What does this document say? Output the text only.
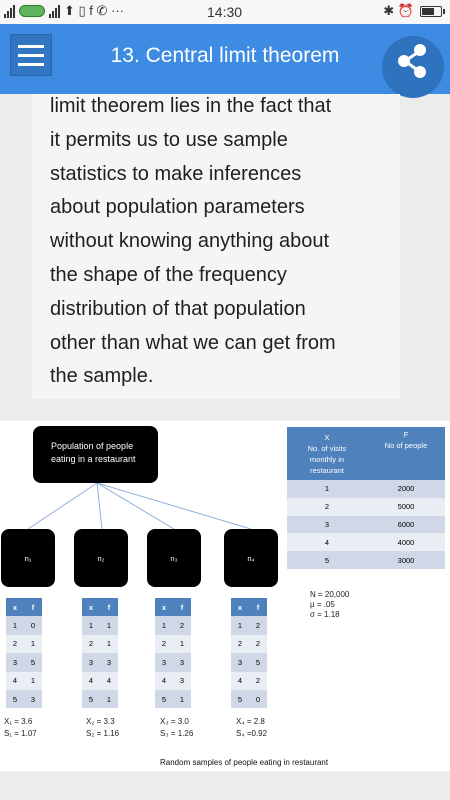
⬆ ▯ f ✆ ···	14:30	✱ ⏰
13. Central limit theorem

limit theorem lies in the fact that
it permits us to use sample
statistics to make inferences
about population parameters
without knowing anything about
the shape of the frequency
distribution of that population
other than what we can get from
the sample.

Population of people
eating in a restaurant
n₁	n₂	n₃	n₄
x	f
1	0
2	1
3	5
4	1
5	3
x	f
1	1
2	1
3	3
4	4
5	1
x	f
1	2
2	1
3	3
4	3
5	1
x	f
1	2
2	2
3	5
4	2
5	0
X₁ = 3.6
S₁ = 1.07
X₂ = 3.3
S₂ = 1.16
X₃ = 3.0
S₃ = 1.26
X₄ = 2.8
S₄ =0.92
X
No. of visits
monthly in
restaurant	F
No of people
1	2000
2	5000
3	6000
4	4000
5	3000
N = 20,000
µ = .05
σ = 1.18
Random samples of people eating in restaurant
